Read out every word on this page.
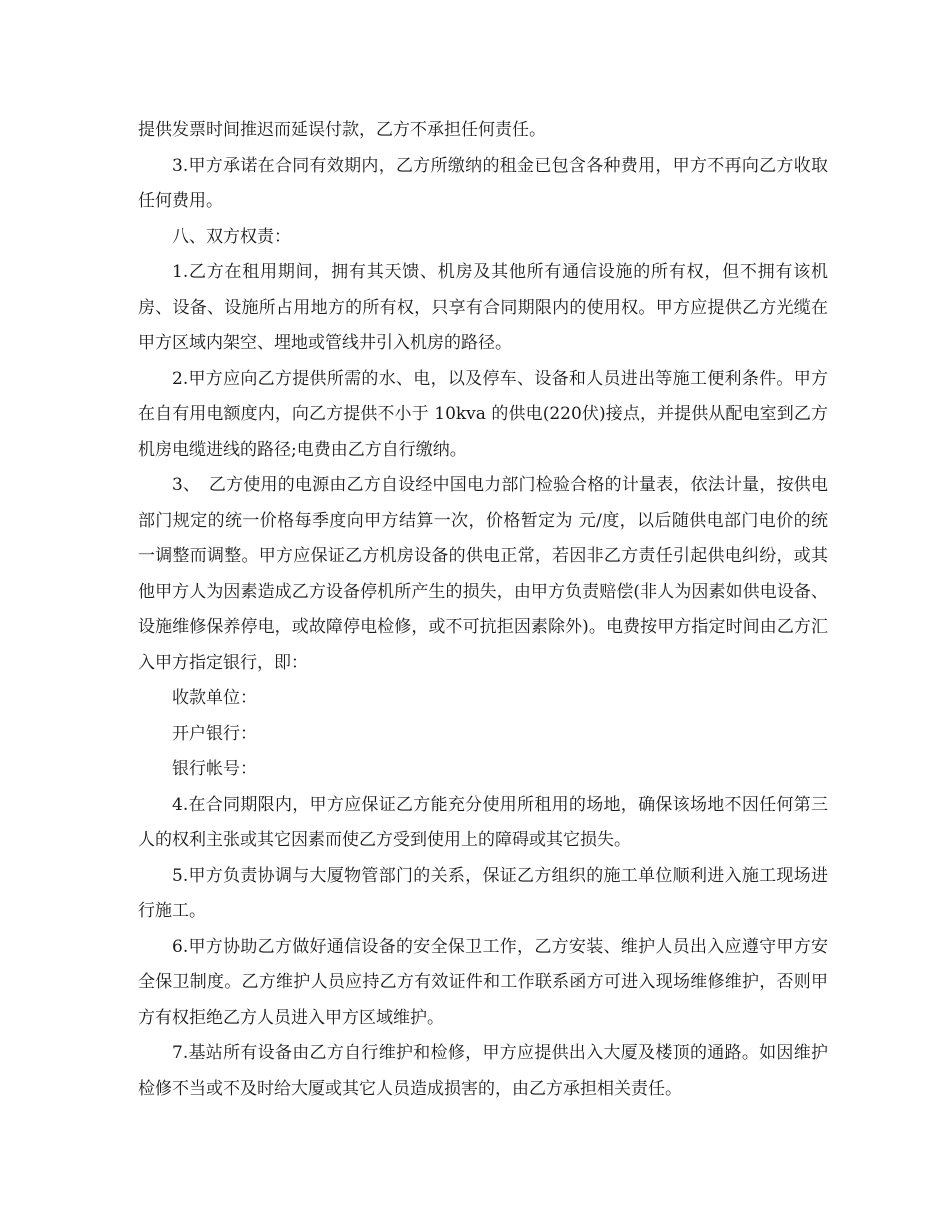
提供发票时间推迟而延误付款，乙方不承担任何责任。

3.甲方承诺在合同有效期内，乙方所缴纳的租金已包含各种费用，甲方不再向乙方收取任何费用。

八、双方权责：

1.乙方在租用期间，拥有其天馈、机房及其他所有通信设施的所有权，但不拥有该机房、设备、设施所占用地方的所有权，只享有合同期限内的使用权。甲方应提供乙方光缆在甲方区域内架空、埋地或管线井引入机房的路径。

2.甲方应向乙方提供所需的水、电，以及停车、设备和人员进出等施工便利条件。甲方在自有用电额度内，向乙方提供不小于 10kva 的供电(220伏)接点，并提供从配电室到乙方机房电缆进线的路径;电费由乙方自行缴纳。

3、　乙方使用的电源由乙方自设经中国电力部门检验合格的计量表，依法计量，按供电部门规定的统一价格每季度向甲方结算一次，价格暂定为 元/度，以后随供电部门电价的统一调整而调整。甲方应保证乙方机房设备的供电正常，若因非乙方责任引起供电纠纷，或其他甲方人为因素造成乙方设备停机所产生的损失，由甲方负责赔偿(非人为因素如供电设备、设施维修保养停电，或故障停电检修，或不可抗拒因素除外)。电费按甲方指定时间由乙方汇入甲方指定银行，即：

收款单位：

开户银行：

银行帐号：

4.在合同期限内，甲方应保证乙方能充分使用所租用的场地，确保该场地不因任何第三人的权利主张或其它因素而使乙方受到使用上的障碍或其它损失。

5.甲方负责协调与大厦物管部门的关系，保证乙方组织的施工单位顺利进入施工现场进行施工。

6.甲方协助乙方做好通信设备的安全保卫工作，乙方安装、维护人员出入应遵守甲方安全保卫制度。乙方维护人员应持乙方有效证件和工作联系函方可进入现场维修维护，否则甲方有权拒绝乙方人员进入甲方区域维护。

7.基站所有设备由乙方自行维护和检修，甲方应提供出入大厦及楼顶的通路。如因维护检修不当或不及时给大厦或其它人员造成损害的，由乙方承担相关责任。
